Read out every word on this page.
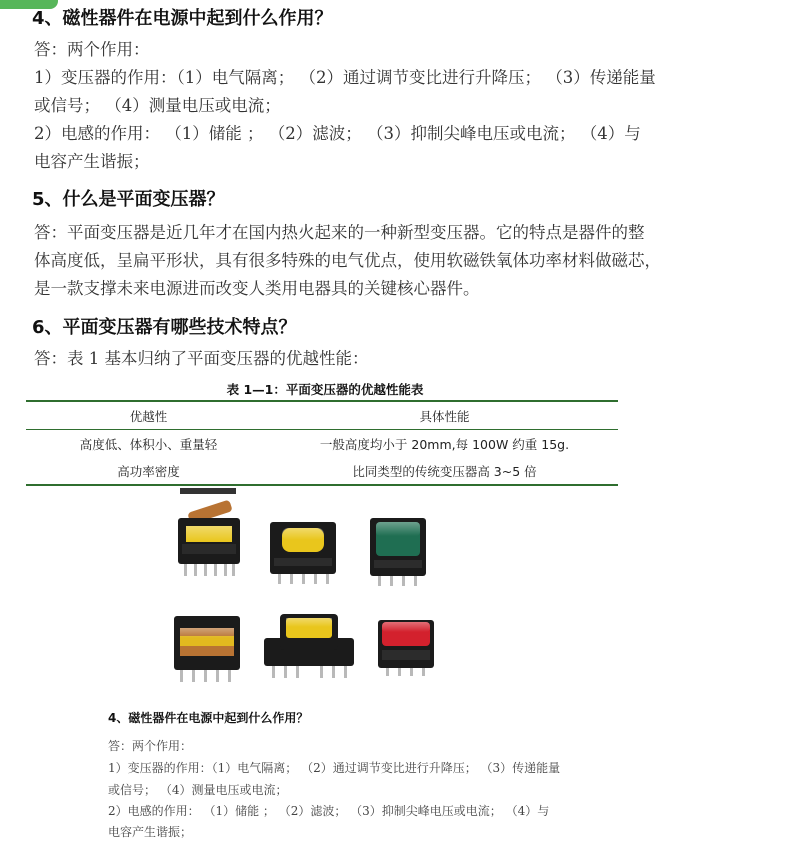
4、磁性器件在电源中起到什么作用？

答：两个作用：

1）变压器的作用：（1）电气隔离； （2）通过调节变比进行升降压； （3）传递能量

或信号； （4）测量电压或电流；

2）电感的作用： （1）储能 ； （2）滤波； （3）抑制尖峰电压或电流； （4）与

电容产生谐振；

5、什么是平面变压器？

答：平面变压器是近几年才在国内热火起来的一种新型变压器。它的特点是器件的整

体高度低，呈扁平形状，具有很多特殊的电气优点，使用软磁铁氧体功率材料做磁芯，

是一款支撑未来电源进而改变人类用电器具的关键核心器件。

6、平面变压器有哪些技术特点？

答：表 1 基本归纳了平面变压器的优越性能：

表 1—1：平面变压器的优越性能表
优越性	具体性能
高度低、体积小、重量轻	一般高度均小于 20mm,每 100W 约重 15g.
高功率密度	比同类型的传统变压器高 3~5 倍
4、磁性器件在电源中起到什么作用？

答：两个作用：

1）变压器的作用：（1）电气隔离； （2）通过调节变比进行升降压； （3）传递能量

或信号； （4）测量电压或电流；

2）电感的作用： （1）储能 ； （2）滤波； （3）抑制尖峰电压或电流； （4）与

电容产生谐振；
